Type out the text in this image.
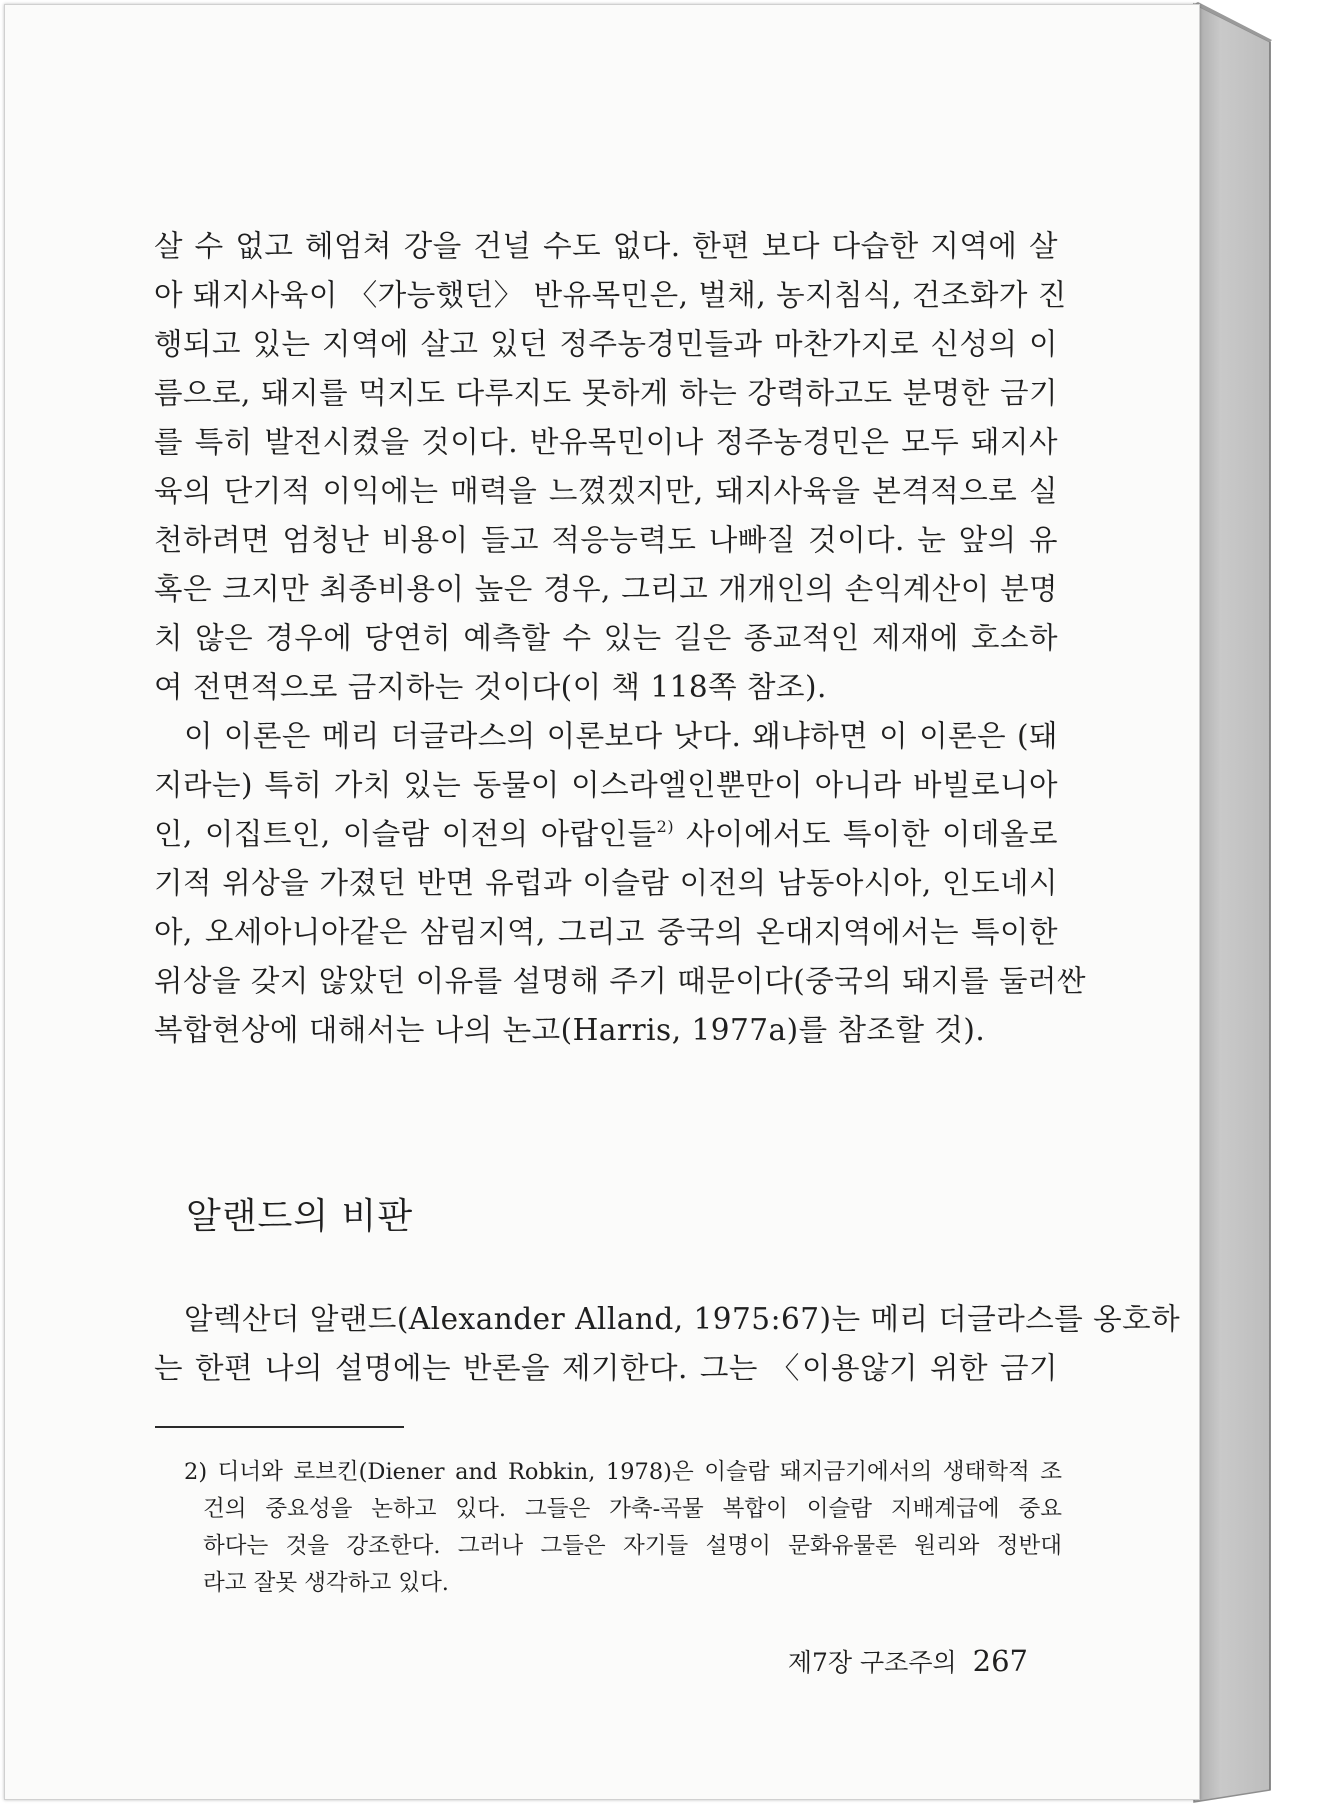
살 수 없고 헤엄쳐 강을 건널 수도 없다. 한편 보다 다습한 지역에 살
아 돼지사육이 〈가능했던〉 반유목민은, 벌채, 농지침식, 건조화가 진
행되고 있는 지역에 살고 있던 정주농경민들과 마찬가지로 신성의 이
름으로, 돼지를 먹지도 다루지도 못하게 하는 강력하고도 분명한 금기
를 특히 발전시켰을 것이다. 반유목민이나 정주농경민은 모두 돼지사
육의 단기적 이익에는 매력을 느꼈겠지만, 돼지사육을 본격적으로 실
천하려면 엄청난 비용이 들고 적응능력도 나빠질 것이다. 눈 앞의 유
혹은 크지만 최종비용이 높은 경우, 그리고 개개인의 손익계산이 분명
치 않은 경우에 당연히 예측할 수 있는 길은 종교적인 제재에 호소하
여 전면적으로 금지하는 것이다(이 책 118쪽 참조).
이 이론은 메리 더글라스의 이론보다 낫다. 왜냐하면 이 이론은 (돼
지라는) 특히 가치 있는 동물이 이스라엘인뿐만이 아니라 바빌로니아
인, 이집트인, 이슬람 이전의 아랍인들$^{2)}$ 사이에서도 특이한 이데올로
기적 위상을 가졌던 반면 유럽과 이슬람 이전의 남동아시아, 인도네시
아, 오세아니아같은 삼림지역, 그리고 중국의 온대지역에서는 특이한
위상을 갖지 않았던 이유를 설명해 주기 때문이다(중국의 돼지를 둘러싼
복합현상에 대해서는 나의 논고(Harris, 1977a)를 참조할 것).
알랜드의 비판
알렉산더 알랜드(Alexander Alland, 1975:67)는 메리 더글라스를 옹호하
는 한편 나의 설명에는 반론을 제기한다. 그는 〈이용않기 위한 금기
2) 디너와 로브킨(Diener and Robkin, 1978)은 이슬람 돼지금기에서의 생태학적 조
건의 중요성을 논하고 있다. 그들은 가축-곡물 복합이 이슬람 지배계급에 중요
하다는 것을 강조한다. 그러나 그들은 자기들 설명이 문화유물론 원리와 정반대
라고 잘못 생각하고 있다.
제7장 구조주의 267
